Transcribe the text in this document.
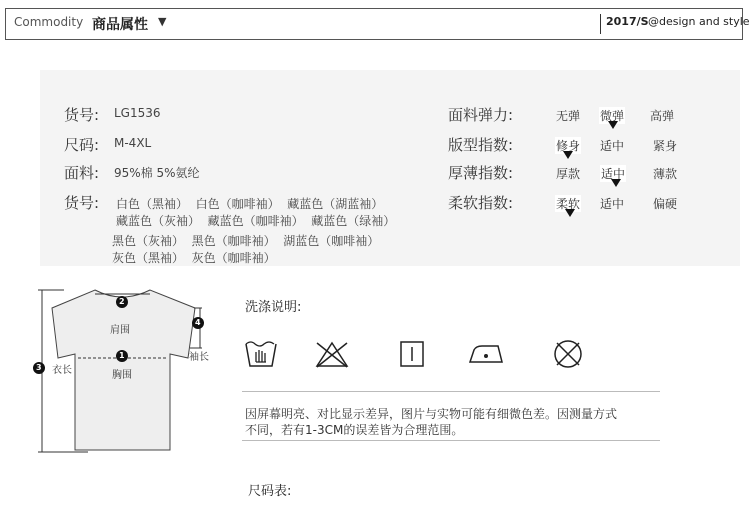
Commodity 商品属性 ▼	2017/S @design and style
货号: LG1536
尺码: M-4XL
面料: 95%棉 5%氨纶
货号: 白色（黑袖）  白色（咖啡袖）  藏蓝色（湖蓝袖）
藏蓝色（灰袖）  藏蓝色（咖啡袖）  藏蓝色（绿袖）
黑色（灰袖）  黑色（咖啡袖）  湖蓝色（咖啡袖）
灰色（黑袖）  灰色（咖啡袖）
面料弹力:	无弹 微弹 高弹
版型指数:	修身 适中 紧身
厚薄指数:	厚款 适中 薄款
柔软指数:	柔软 适中 偏硬
1
2
3
4
肩围
胸围
袖长
衣长
洗涤说明:
因屏幕明亮、对比显示差异，图片与实物可能有细微色差。因测量方式
不同，若有1-3CM的误差皆为合理范围。
尺码表:
